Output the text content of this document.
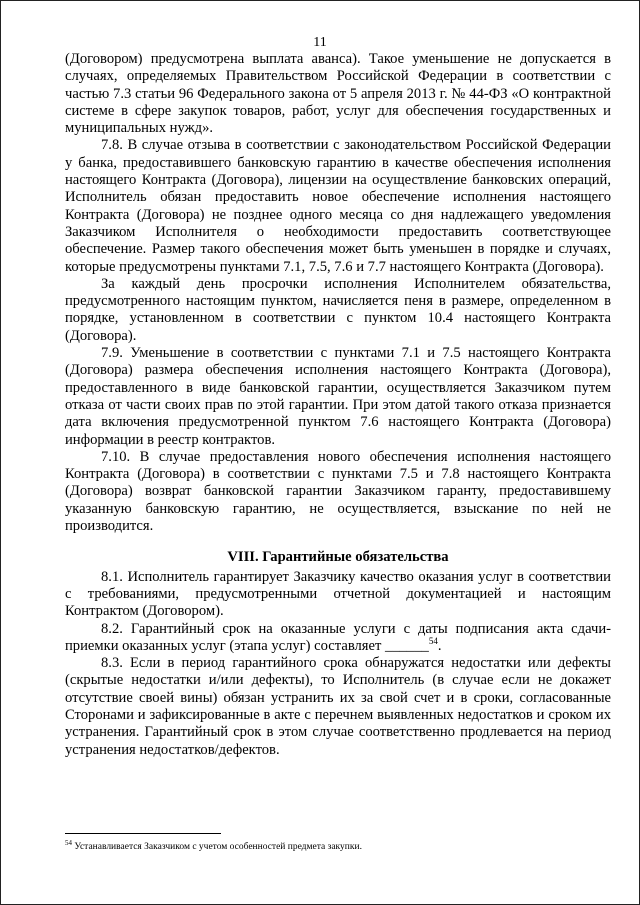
11

(Договором) предусмотрена выплата аванса). Такое уменьшение не допускается в случаях, определяемых Правительством Российской Федерации в соответствии с частью 7.3 статьи 96 Федерального закона от 5 апреля 2013 г. № 44-ФЗ «О контрактной системе в сфере закупок товаров, работ, услуг для обеспечения государственных и муниципальных нужд».

7.8. В случае отзыва в соответствии с законодательством Российской Федерации у банка, предоставившего банковскую гарантию в качестве обеспечения исполнения настоящего Контракта (Договора), лицензии на осуществление банковских операций, Исполнитель обязан предоставить новое обеспечение исполнения настоящего Контракта (Договора) не позднее одного месяца со дня надлежащего уведомления Заказчиком Исполнителя о необходимости предоставить соответствующее обеспечение. Размер такого обеспечения может быть уменьшен в порядке и случаях, которые предусмотрены пунктами 7.1, 7.5, 7.6 и 7.7 настоящего Контракта (Договора).

За каждый день просрочки исполнения Исполнителем обязательства, предусмотренного настоящим пунктом, начисляется пеня в размере, определенном в порядке, установленном в соответствии с пунктом 10.4 настоящего Контракта (Договора).

7.9. Уменьшение в соответствии с пунктами 7.1 и 7.5 настоящего Контракта (Договора) размера обеспечения исполнения настоящего Контракта (Договора), предоставленного в виде банковской гарантии, осуществляется Заказчиком путем отказа от части своих прав по этой гарантии. При этом датой такого отказа признается дата включения предусмотренной пунктом 7.6 настоящего Контракта (Договора) информации в реестр контрактов.

7.10. В случае предоставления нового обеспечения исполнения настоящего Контракта (Договора) в соответствии с пунктами 7.5 и 7.8 настоящего Контракта (Договора) возврат банковской гарантии Заказчиком гаранту, предоставившему указанную банковскую гарантию, не осуществляется, взыскание по ней не производится.

VIII. Гарантийные обязательства

8.1. Исполнитель гарантирует Заказчику качество оказания услуг в соответствии с требованиями, предусмотренными отчетной документацией и настоящим Контрактом (Договором).

8.2. Гарантийный срок на оказанные услуги с даты подписания акта сдачи-приемки оказанных услуг (этапа услуг) составляет ______$^{54}$.

8.3. Если в период гарантийного срока обнаружатся недостатки или дефекты (скрытые недостатки и/или дефекты), то Исполнитель (в случае если не докажет отсутствие своей вины) обязан устранить их за свой счет и в сроки, согласованные Сторонами и зафиксированные в акте с перечнем выявленных недостатков и сроком их устранения. Гарантийный срок в этом случае соответственно продлевается на период устранения недостатков/дефектов.

$^{54}$ Устанавливается Заказчиком с учетом особенностей предмета закупки.
